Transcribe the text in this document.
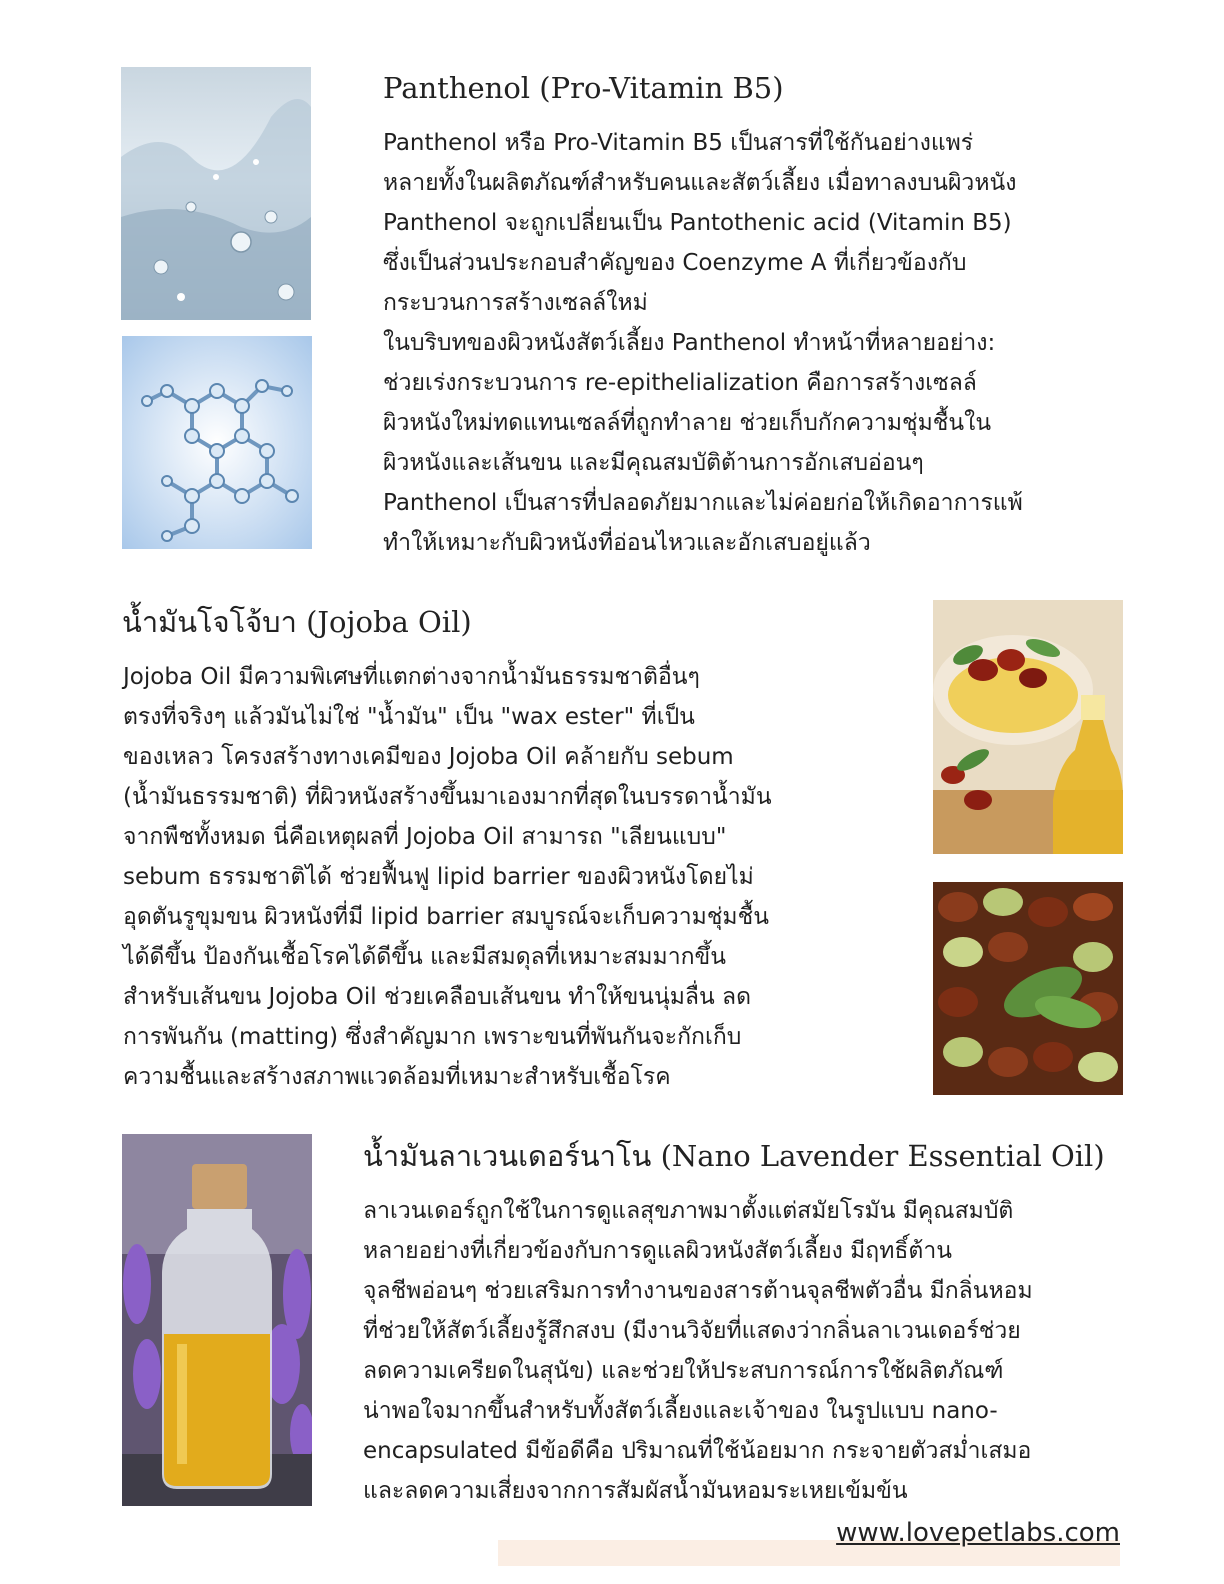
Panthenol (Pro-Vitamin B5)
Panthenol หรือ Pro-Vitamin B5 เป็นสารที่ใช้กันอย่างแพร่
หลายทั้งในผลิตภัณฑ์สำหรับคนและสัตว์เลี้ยง เมื่อทาลงบนผิวหนัง
Panthenol จะถูกเปลี่ยนเป็น Pantothenic acid (Vitamin B5)
ซึ่งเป็นส่วนประกอบสำคัญของ Coenzyme A ที่เกี่ยวข้องกับ
กระบวนการสร้างเซลล์ใหม่
ในบริบทของผิวหนังสัตว์เลี้ยง Panthenol ทำหน้าที่หลายอย่าง:
ช่วยเร่งกระบวนการ re-epithelialization คือการสร้างเซลล์
ผิวหนังใหม่ทดแทนเซลล์ที่ถูกทำลาย ช่วยเก็บกักความชุ่มชื้นใน
ผิวหนังและเส้นขน และมีคุณสมบัติต้านการอักเสบอ่อนๆ
Panthenol เป็นสารที่ปลอดภัยมากและไม่ค่อยก่อให้เกิดอาการแพ้
ทำให้เหมาะกับผิวหนังที่อ่อนไหวและอักเสบอยู่แล้ว
น้ำมันโจโจ้บา (Jojoba Oil)
Jojoba Oil มีความพิเศษที่แตกต่างจากน้ำมันธรรมชาติอื่นๆ
ตรงที่จริงๆ แล้วมันไม่ใช่ "น้ำมัน" เป็น "wax ester" ที่เป็น
ของเหลว โครงสร้างทางเคมีของ Jojoba Oil คล้ายกับ sebum
(น้ำมันธรรมชาติ) ที่ผิวหนังสร้างขึ้นมาเองมากที่สุดในบรรดาน้ำมัน
จากพืชทั้งหมด นี่คือเหตุผลที่ Jojoba Oil สามารถ "เลียนแบบ"
sebum ธรรมชาติได้ ช่วยฟื้นฟู lipid barrier ของผิวหนังโดยไม่
อุดตันรูขุมขน ผิวหนังที่มี lipid barrier สมบูรณ์จะเก็บความชุ่มชื้น
ได้ดีขึ้น ป้องกันเชื้อโรคได้ดีขึ้น และมีสมดุลที่เหมาะสมมากขึ้น
สำหรับเส้นขน Jojoba Oil ช่วยเคลือบเส้นขน ทำให้ขนนุ่มลื่น ลด
การพันกัน (matting) ซึ่งสำคัญมาก เพราะขนที่พันกันจะกักเก็บ
ความชื้นและสร้างสภาพแวดล้อมที่เหมาะสำหรับเชื้อโรค
น้ำมันลาเวนเดอร์นาโน (Nano Lavender Essential Oil)
ลาเวนเดอร์ถูกใช้ในการดูแลสุขภาพมาตั้งแต่สมัยโรมัน มีคุณสมบัติ
หลายอย่างที่เกี่ยวข้องกับการดูแลผิวหนังสัตว์เลี้ยง มีฤทธิ์ต้าน
จุลชีพอ่อนๆ ช่วยเสริมการทำงานของสารต้านจุลชีพตัวอื่น มีกลิ่นหอม
ที่ช่วยให้สัตว์เลี้ยงรู้สึกสงบ (มีงานวิจัยที่แสดงว่ากลิ่นลาเวนเดอร์ช่วย
ลดความเครียดในสุนัข) และช่วยให้ประสบการณ์การใช้ผลิตภัณฑ์
น่าพอใจมากขึ้นสำหรับทั้งสัตว์เลี้ยงและเจ้าของ ในรูปแบบ nano-
encapsulated มีข้อดีคือ ปริมาณที่ใช้น้อยมาก กระจายตัวสม่ำเสมอ
และลดความเสี่ยงจากการสัมผัสน้ำมันหอมระเหยเข้มข้น
www.lovepetlabs.com
